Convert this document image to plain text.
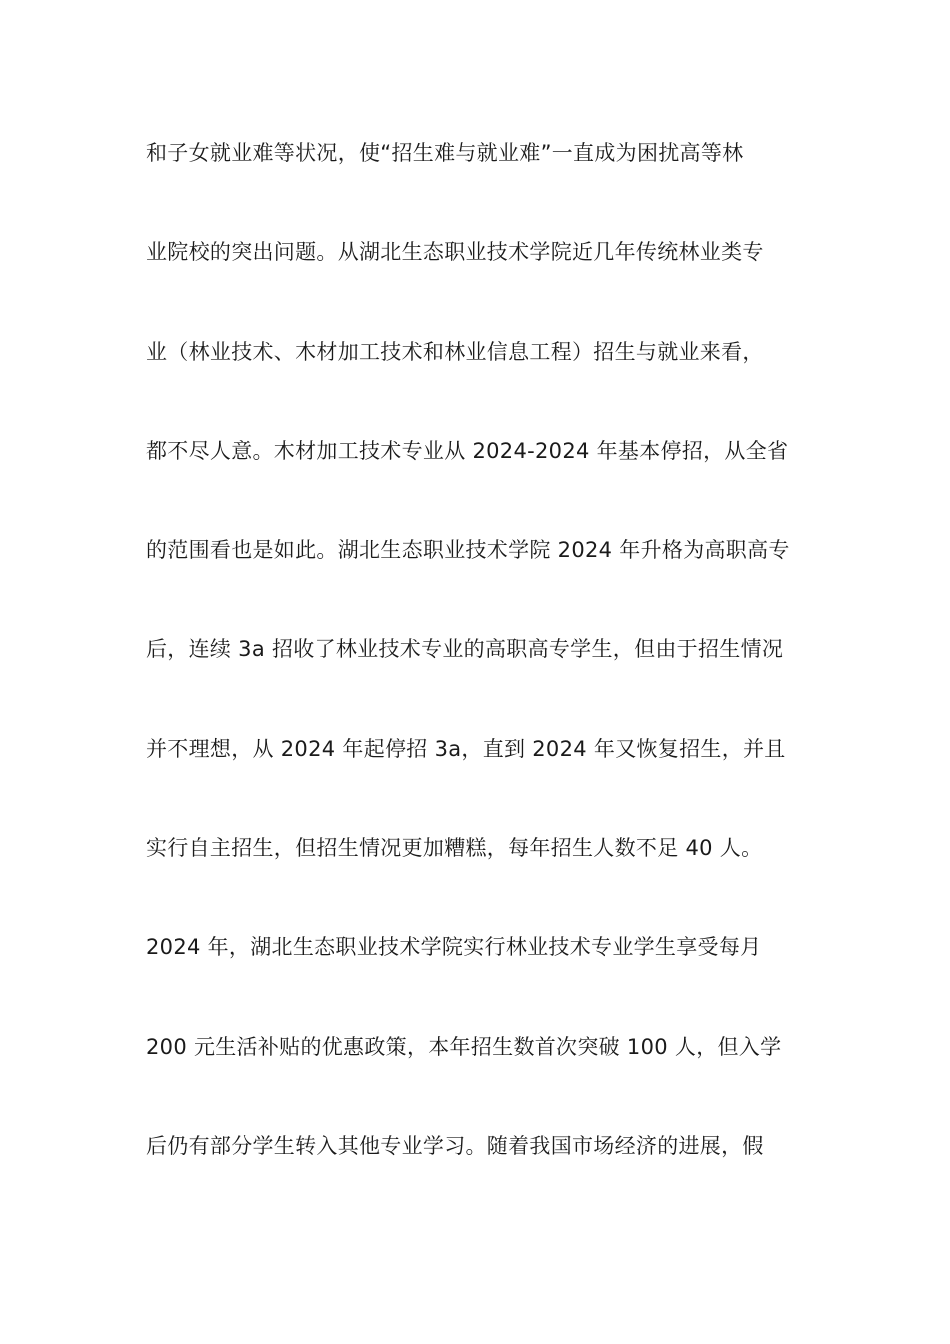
和子女就业难等状况，使“招生难与就业难”一直成为困扰高等林
业院校的突出问题。从湖北生态职业技术学院近几年传统林业类专
业（林业技术、木材加工技术和林业信息工程）招生与就业来看，
都不尽人意。木材加工技术专业从 2024-2024 年基本停招，从全省
的范围看也是如此。湖北生态职业技术学院 2024 年升格为高职高专
后，连续 3a 招收了林业技术专业的高职高专学生，但由于招生情况
并不理想，从 2024 年起停招 3a，直到 2024 年又恢复招生，并且
实行自主招生，但招生情况更加糟糕，每年招生人数不足 40 人。
2024 年，湖北生态职业技术学院实行林业技术专业学生享受每月
200 元生活补贴的优惠政策，本年招生数首次突破 100 人，但入学
后仍有部分学生转入其他专业学习。随着我国市场经济的进展，假
